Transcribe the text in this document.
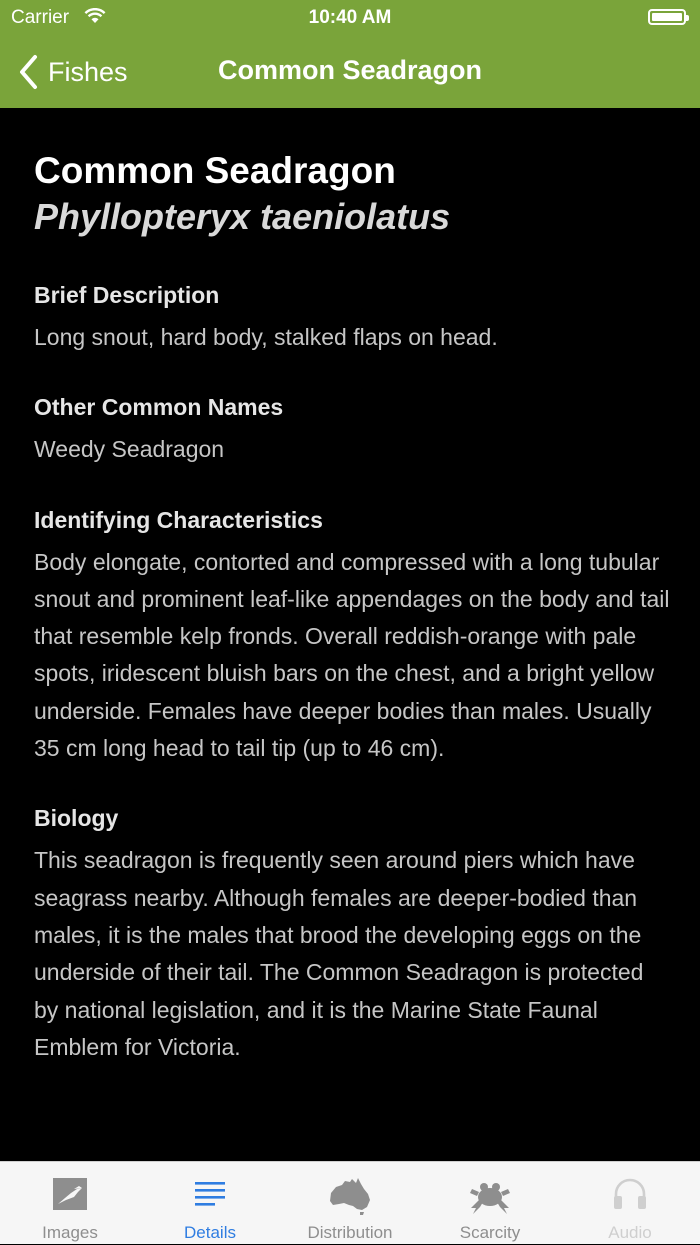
Carrier	10:40 AM
Fishes	Common Seadragon
Common Seadragon
Phyllopteryx taeniolatus
Brief Description
Long snout, hard body, stalked flaps on head.
Other Common Names
Weedy Seadragon
Identifying Characteristics
Body elongate, contorted and compressed with a long tubular snout and prominent leaf-like appendages on the body and tail that resemble kelp fronds. Overall reddish-orange with pale spots, iridescent bluish bars on the chest, and a bright yellow underside. Females have deeper bodies than males. Usually 35 cm long head to tail tip (up to 46 cm).
Biology
This seadragon is frequently seen around piers which have seagrass nearby. Although females are deeper-bodied than males, it is the males that brood the developing eggs on the underside of their tail. The Common Seadragon is protected by national legislation, and it is the Marine State Faunal Emblem for Victoria.
Images	Details	Distribution	Scarcity	Audio
